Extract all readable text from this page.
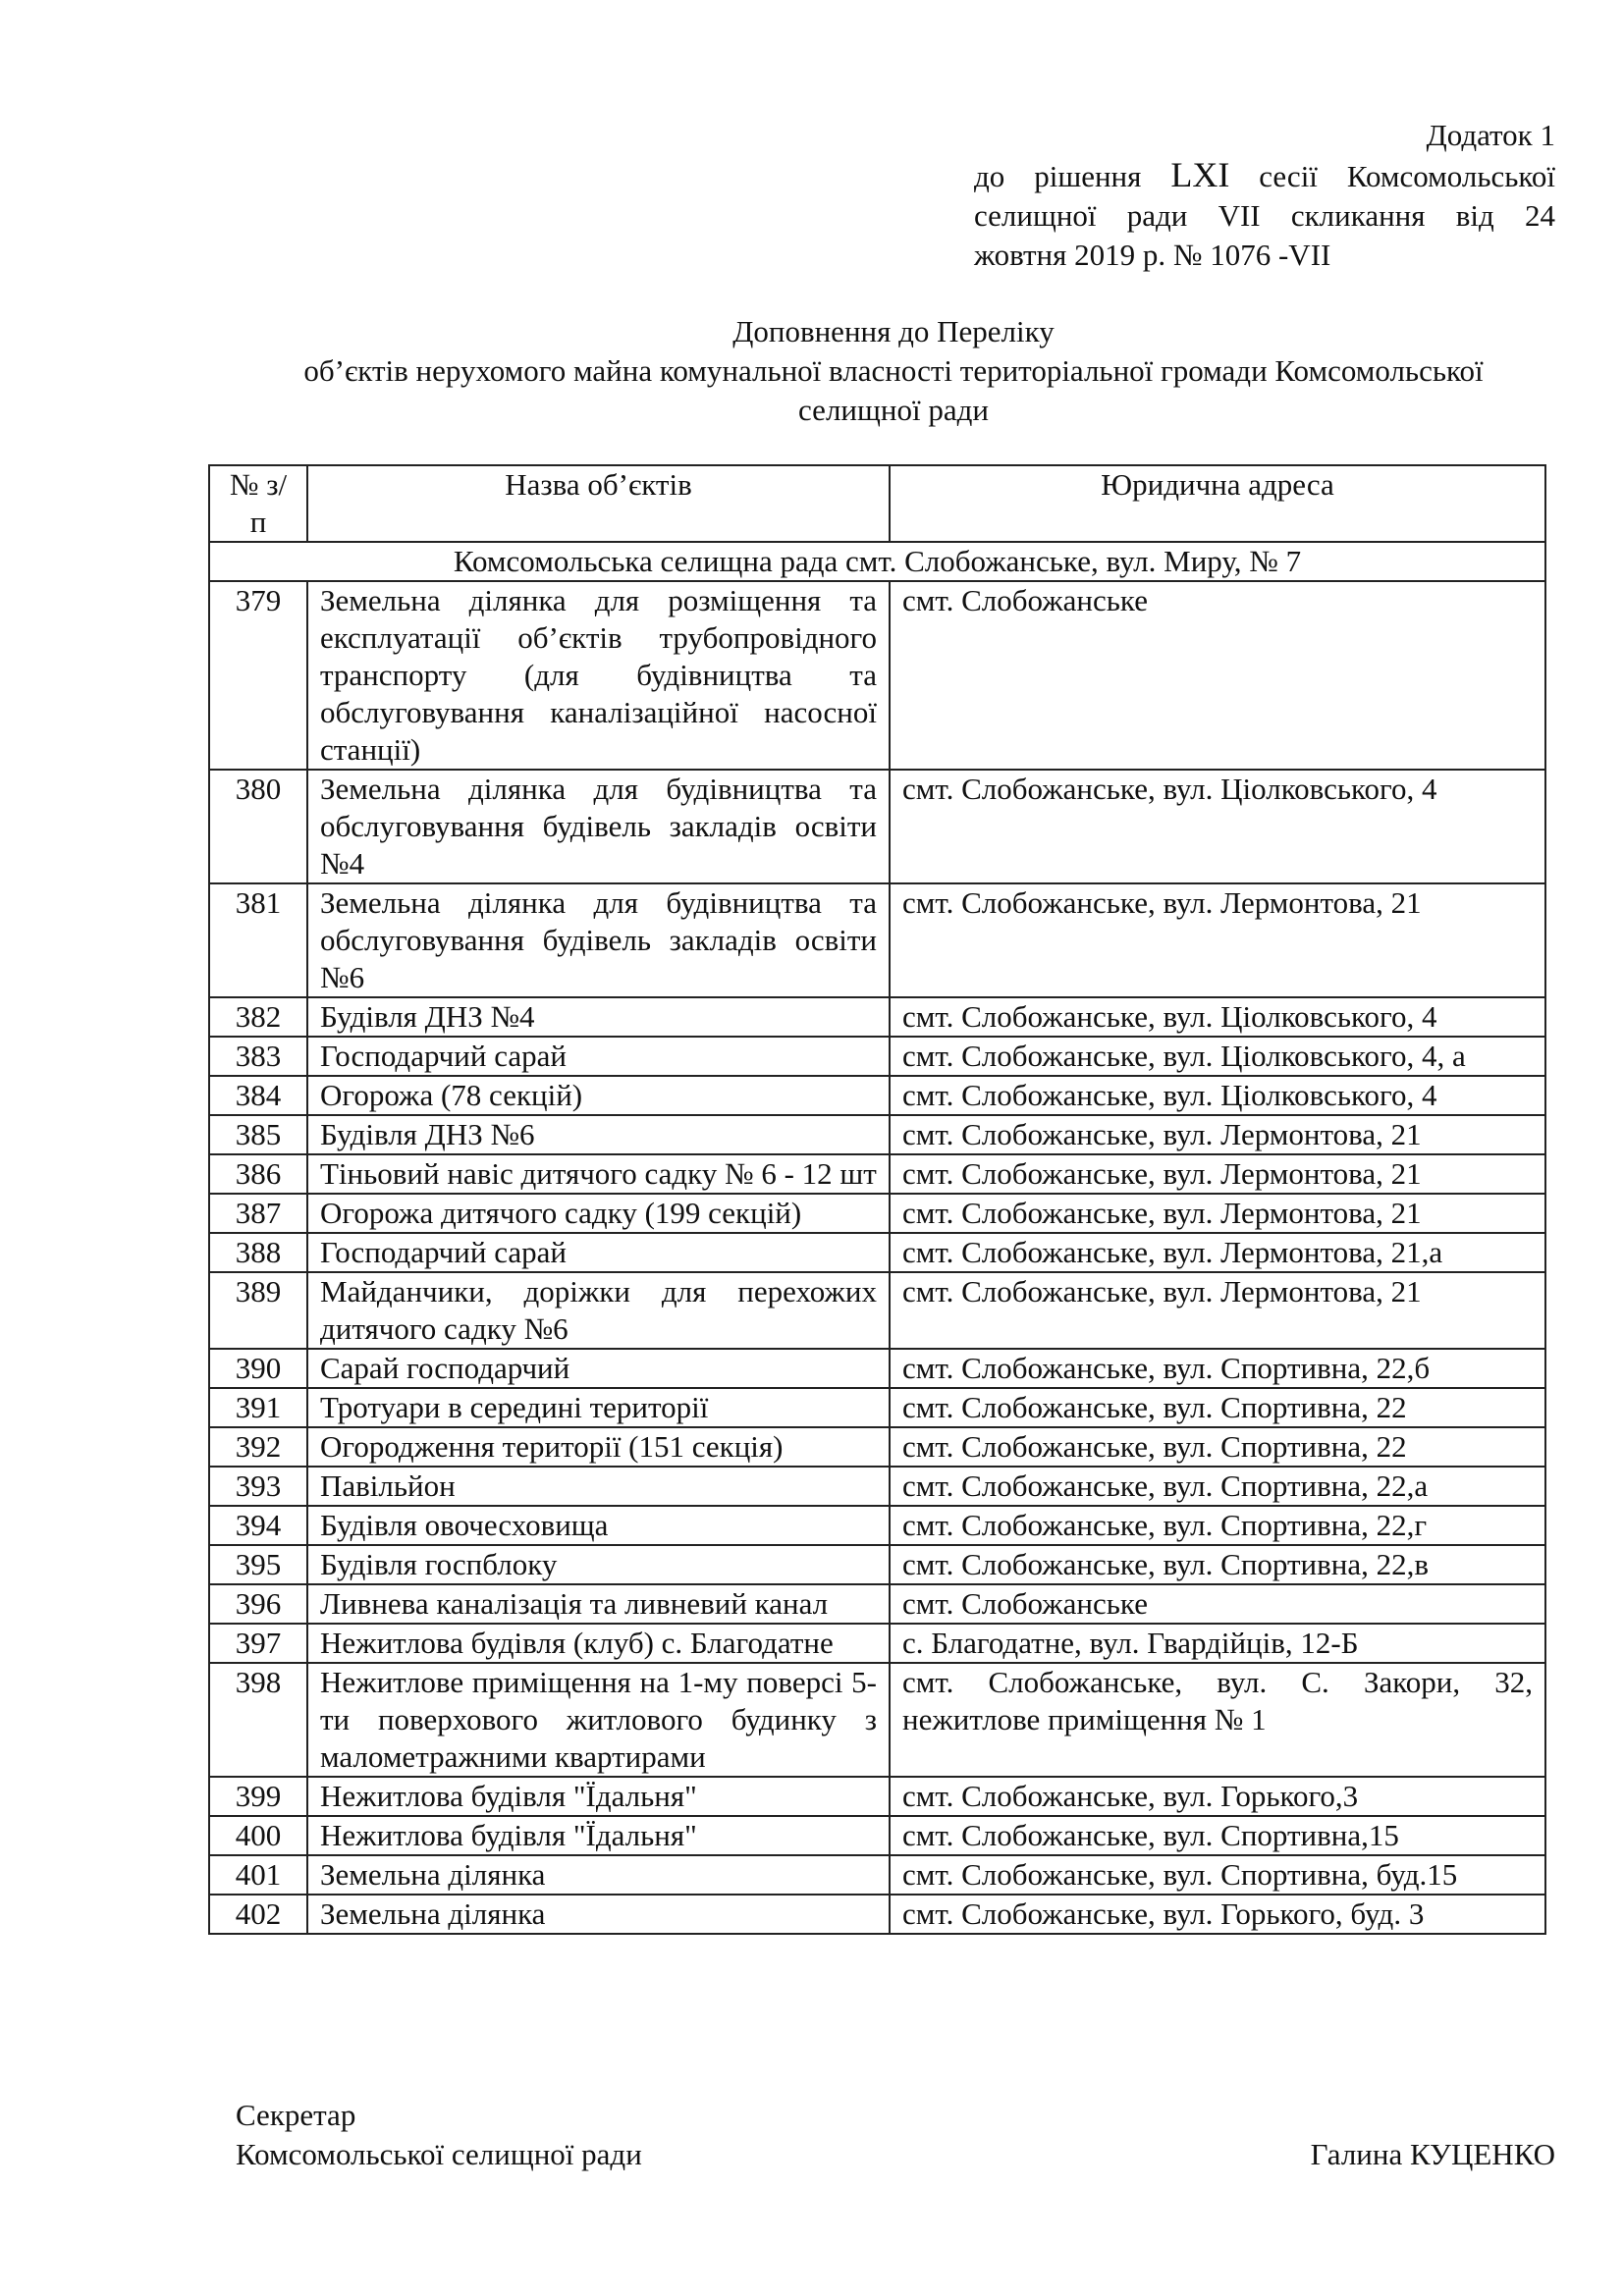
Додаток 1
до рішення LXI сесії Комсомольської
селищної ради VII скликання від 24
жовтня 2019 р. № 1076 -VII
Доповнення до Переліку
об’єктів нерухомого майна комунальної власності територіальної громади Комсомольської
селищної ради
№ з/п	Назва об’єктів	Юридична адреса
Комсомольська селищна рада смт. Слобожанське, вул. Миру, № 7		
379	Земельна ділянка для розміщення та експлуатації об’єктів трубопровідного транспорту (для будівництва та обслуговування каналізаційної насосної станції)	смт. Слобожанське
380	Земельна ділянка для будівництва та обслуговування будівель закладів освіти №4	смт. Слобожанське, вул. Ціолковського, 4
381	Земельна ділянка для будівництва та обслуговування будівель закладів освіти №6	смт. Слобожанське, вул. Лермонтова, 21
382	Будівля ДНЗ №4	смт. Слобожанське, вул. Ціолковського, 4
383	Господарчий сарай	смт. Слобожанське, вул. Ціолковського, 4, а
384	Огорожа (78 секцій)	смт. Слобожанське, вул. Ціолковського, 4
385	Будівля ДНЗ №6	смт. Слобожанське, вул. Лермонтова, 21
386	Тіньовий навіс дитячого садку № 6 - 12 шт	смт. Слобожанське, вул. Лермонтова, 21
387	Огорожа дитячого садку (199 секцій)	смт. Слобожанське, вул. Лермонтова, 21
388	Господарчий сарай	смт. Слобожанське, вул. Лермонтова, 21,а
389	Майданчики, доріжки для перехожих дитячого садку №6	смт. Слобожанське, вул. Лермонтова, 21
390	Сарай господарчий	смт. Слобожанське, вул. Спортивна, 22,б
391	Тротуари в середині території	смт. Слобожанське, вул. Спортивна, 22
392	Огородження території (151 секція)	смт. Слобожанське, вул. Спортивна, 22
393	Павільйон	смт. Слобожанське, вул. Спортивна, 22,а
394	Будівля овочесховища	смт. Слобожанське, вул. Спортивна, 22,г
395	Будівля госпблоку	смт. Слобожанське, вул. Спортивна, 22,в
396	Ливнева каналізація та ливневий канал	смт. Слобожанське
397	Нежитлова будівля (клуб) с. Благодатне	с. Благодатне, вул. Гвардійців, 12-Б
398	Нежитлове приміщення на 1-му поверсі 5-ти поверхового житлового будинку з малометражними квартирами	смт. Слобожанське, вул. С. Закори, 32, нежитлове приміщення № 1
399	Нежитлова будівля "Їдальня"	смт. Слобожанське, вул. Горького,3
400	Нежитлова будівля "Їдальня"	смт. Слобожанське, вул. Спортивна,15
401	Земельна ділянка	смт. Слобожанське, вул. Спортивна, буд.15
402	Земельна ділянка	смт. Слобожанське, вул. Горького, буд. 3
Секретар
Комсомольської селищної ради	Галина КУЦЕНКО
